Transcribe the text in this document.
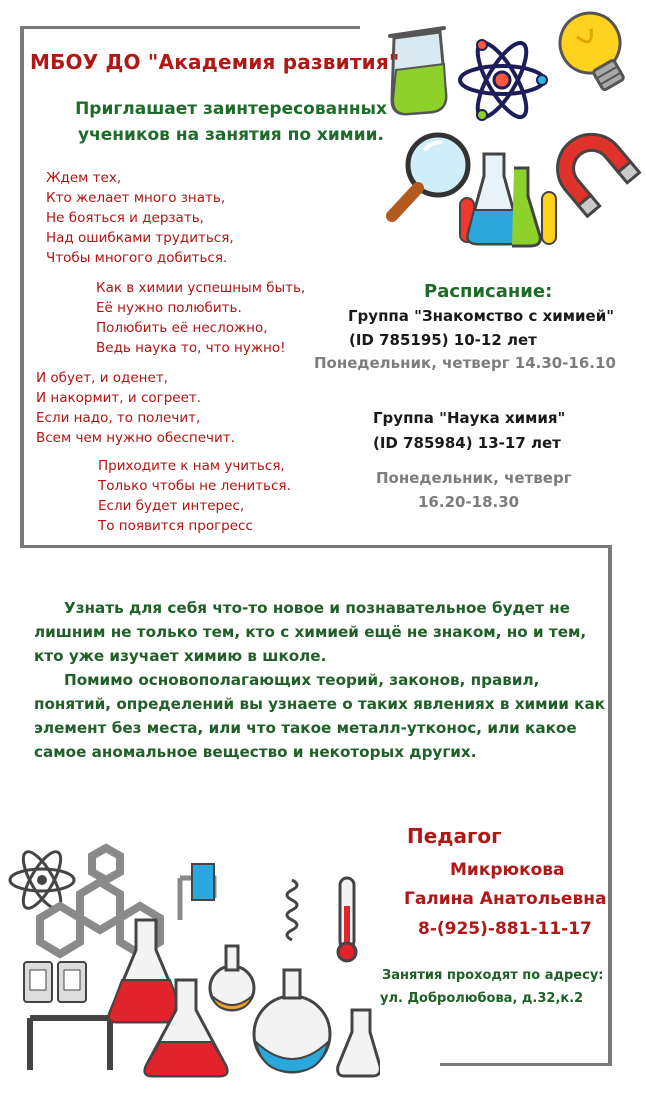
МБОУ ДО "Академия развития"
Приглашает заинтересованных учеников на занятия по химии.
Ждем тех,
Кто желает много знать,
Не бояться и дерзать,
Над ошибками трудиться,
Чтобы многого добиться.
Как в химии успешным быть,
Её нужно полюбить.
Полюбить её несложно,
Ведь наука то, что нужно!
И обует, и оденет,
И накормит, и согреет.
Если надо, то полечит,
Всем чем нужно обеспечит.
Приходите к нам учиться,
Только чтобы не лениться.
Если будет интерес,
То появится прогресс
Расписание:
Группа "Знакомство с химией"
(ID 785195) 10-12 лет
Понедельник, четверг 14.30-16.10
Группа "Наука химия"
(ID 785984) 13-17 лет
Понедельник, четверг
16.20-18.30

Узнать для себя что-то новое и познавательное будет не лишним не только тем, кто с химией ещё не знаком, но и тем, кто уже изучает химию в школе.

Помимо основополагающих теорий, законов, правил, понятий, определений вы узнаете о таких явлениях в химии как элемент без места, или что такое металл-утконос, или какое самое аномальное вещество и некоторых других.

Педагог
Микрюкова
Галина Анатольевна
8-(925)-881-11-17
Занятия проходят по адресу:
ул. Добролюбова, д.32,к.2
